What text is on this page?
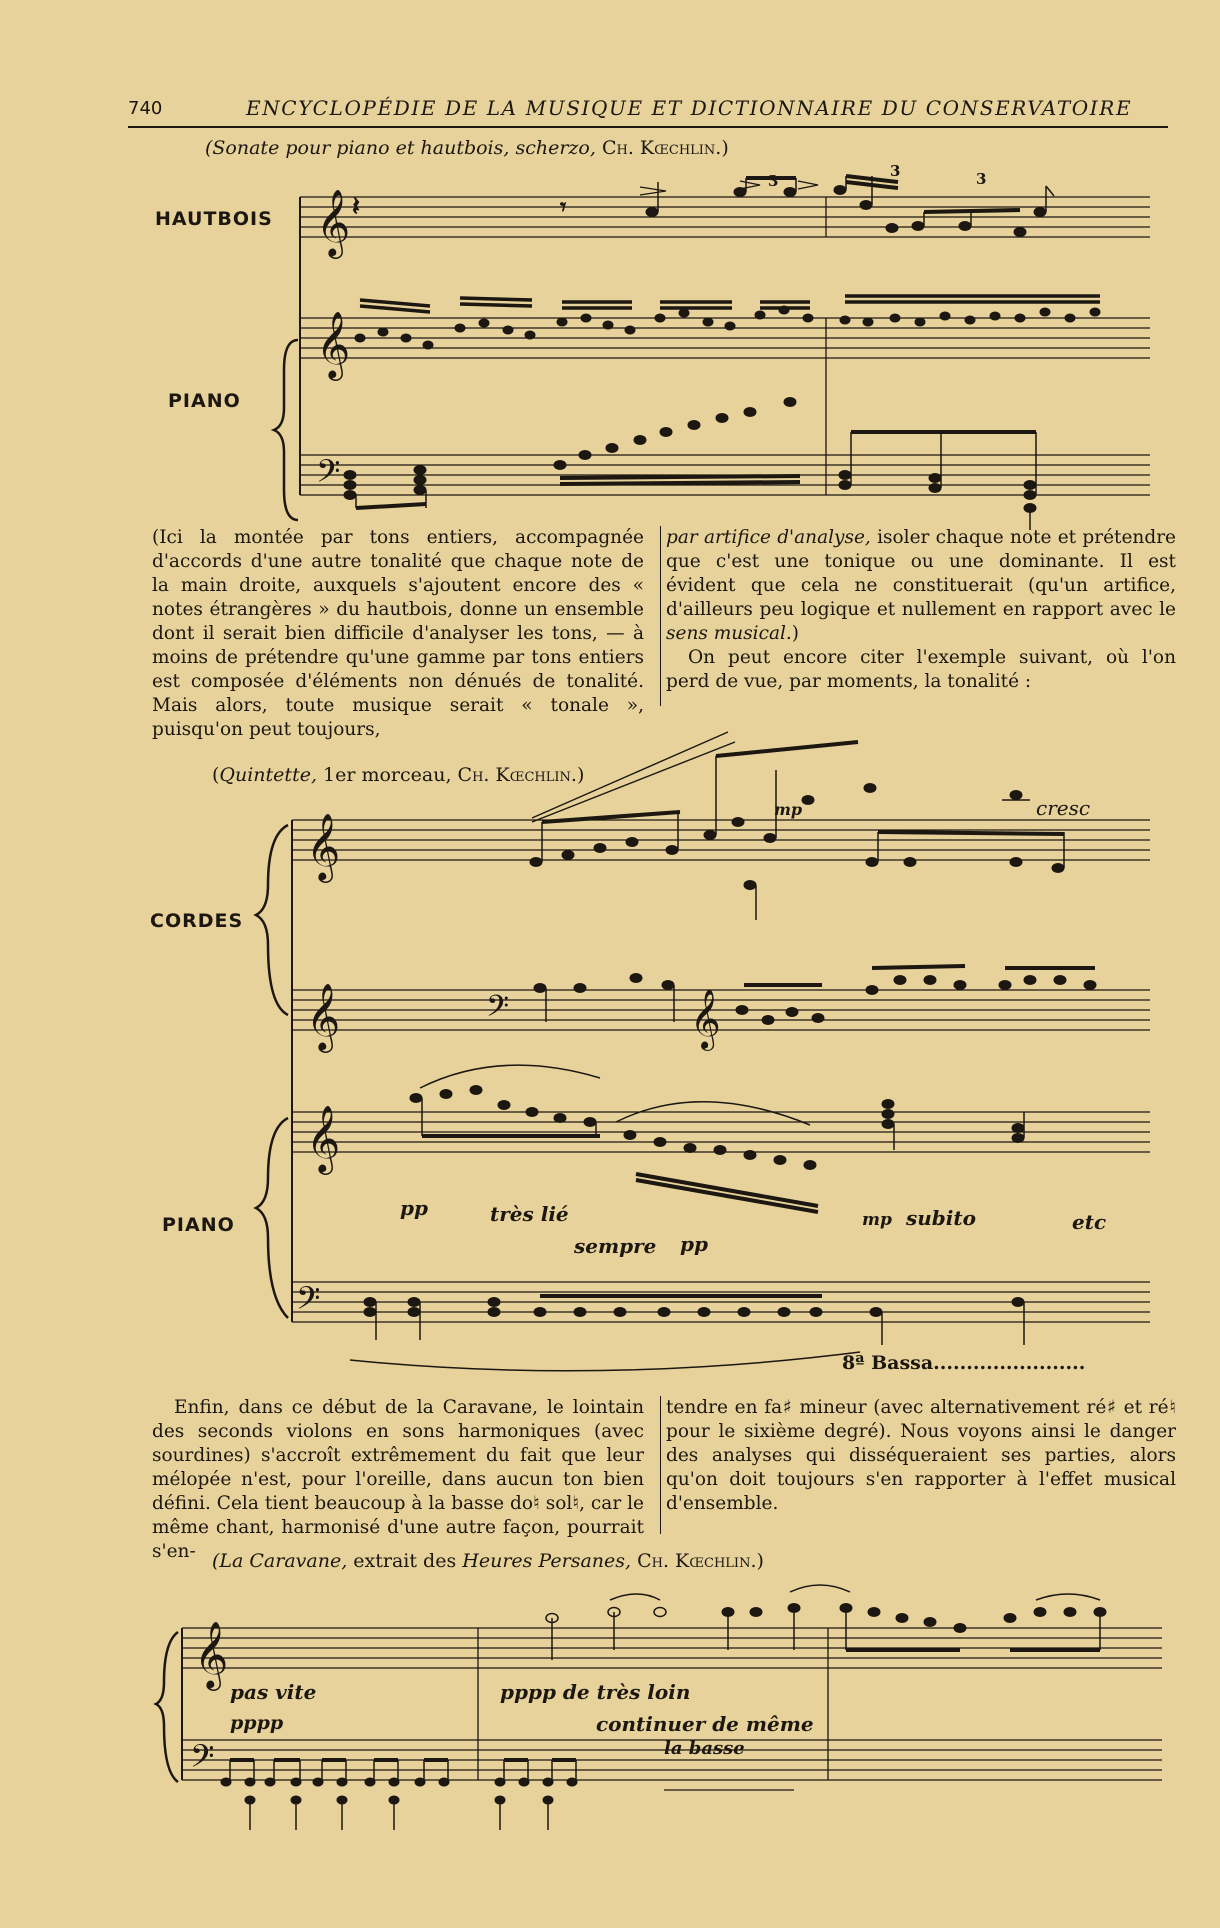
740	ENCYCLOPÉDIE DE LA MUSIQUE ET DICTIONNAIRE DU CONSERVATOIRE
(Sonate pour piano et hautbois, scherzo, Ch. Kœchlin.)
HAUTBOIS
PIANO
𝄞
𝄞
𝄢
3
3	3
𝄽	𝄾

(Ici la montée par tons entiers, accompagnée d'accords d'une autre tonalité que chaque note de la main droite, auxquels s'ajoutent encore des « notes étrangères » du hautbois, donne un ensemble dont il serait bien difficile d'analyser les tons, — à moins de prétendre qu'une gamme par tons entiers est composée d'éléments non dénués de tonalité. Mais alors, toute musique serait « tonale », puisqu'on peut toujours,

par artifice d'analyse, isoler chaque note et prétendre que c'est une tonique ou une dominante. Il est évident que cela ne constituerait (qu'un artifice, d'ailleurs peu logique et nullement en rapport avec le sens musical.)

On peut encore citer l'exemple suivant, où l'on perd de vue, par moments, la tonalité :

(Quintette, 1er morceau, Ch. Kœchlin.)
CORDES
PIANO
𝄞
𝄞	𝄢	𝄞
𝄞
𝄢
mp	cresc
pp	très lié
sempre pp
mp subito	etc
8ª Bassa.......................

Enfin, dans ce début de la Caravane, le lointain des seconds violons en sons harmoniques (avec sourdines) s'accroît extrêmement du fait que leur mélopée n'est, pour l'oreille, dans aucun ton bien défini. Cela tient beaucoup à la basse do♮ sol♮, car le même chant, harmonisé d'une autre façon, pourrait s'en-

tendre en fa♯ mineur (avec alternativement ré♯ et ré♮ pour le sixième degré). Nous voyons ainsi le danger des analyses qui disséqueraient ses parties, alors qu'on doit toujours s'en rapporter à l'effet musical d'ensemble.

(La Caravane, extrait des Heures Persanes, Ch. Kœchlin.)
𝄞
𝄢
pas vite
pppp
pppp de très loin
continuer de même
la basse
